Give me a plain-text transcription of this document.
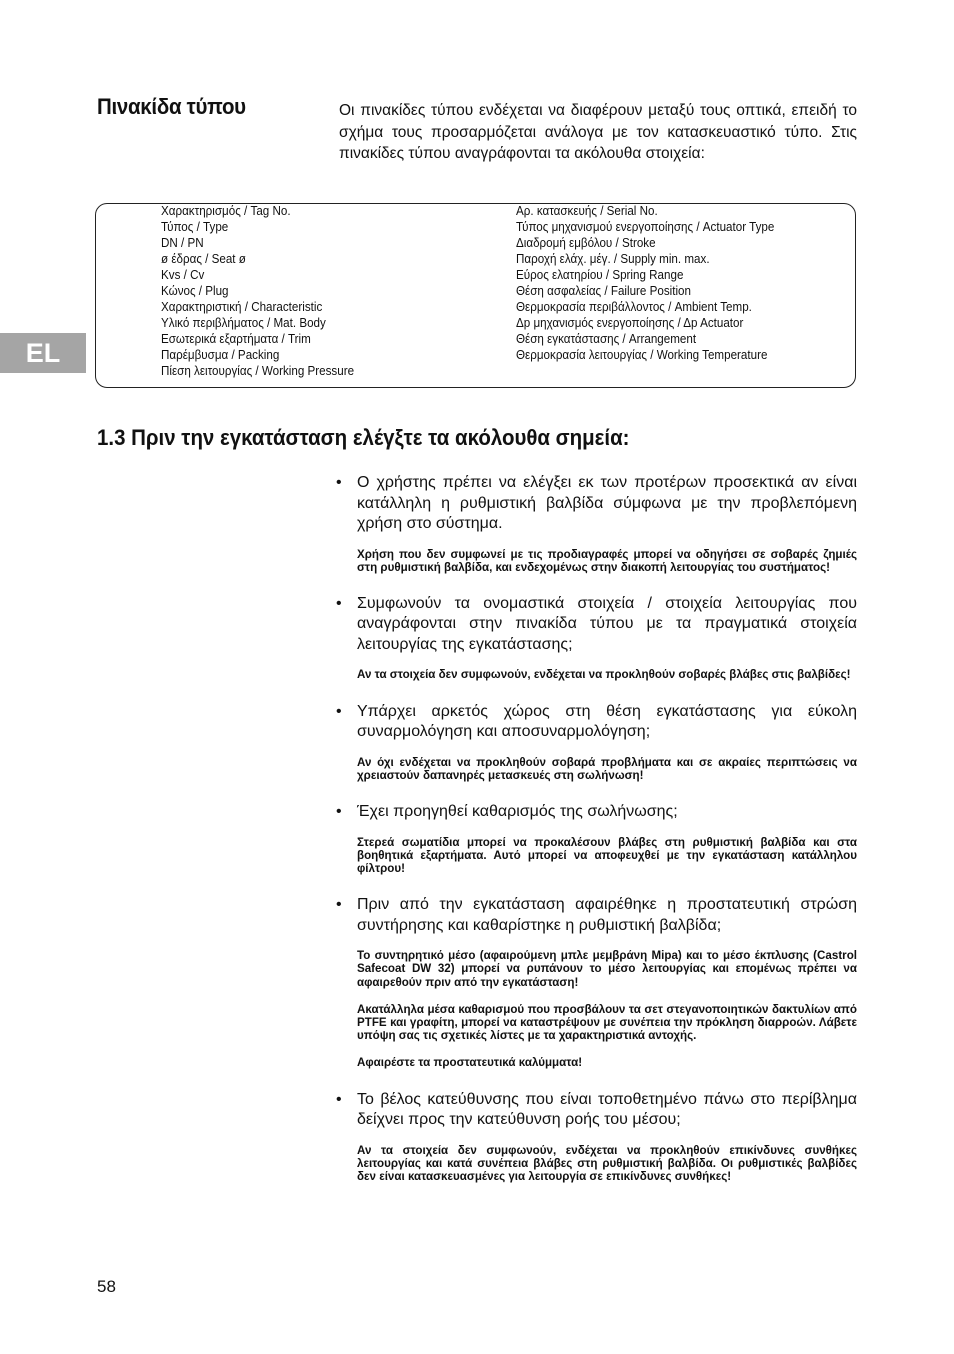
Πινακίδα τύπου	Οι πινακίδες τύπου ενδέχεται να διαφέρουν μεταξύ τους οπτικά, επειδή το σχήμα τους προσαρμόζεται ανάλογα με τον κατασκευαστικό τύπο. Στις πινακίδες τύπου αναγράφονται τα ακόλουθα στοιχεία:
Χαρακτηρισμός / Tag No.
Τύπος / Type
DN / PN
ø έδρας / Seat ø
Kvs / Cv
Κώνος / Plug
Χαρακτηριστική / Characteristic
Υλικό περιβλήματος / Mat. Body
Εσωτερικά εξαρτήματα / Trim
Παρέμβυσμα / Packing
Πίεση λειτουργίας / Working Pressure
Αρ. κατασκευής / Serial No.
Τύπος μηχανισμού ενεργοποίησης / Actuator Type
Διαδρομή εμβόλου / Stroke
Παροχή ελάχ. μέγ. / Supply min. max.
Εύρος ελατηρίου / Spring Range
Θέση ασφαλείας / Failure Position
Θερμοκρασία περιβάλλοντος / Ambient Temp.
Δp μηχανισμός ενεργοποίησης / Δp Actuator
Θέση εγκατάστασης / Arrangement
Θερμοκρασία λειτουργίας / Working Temperature
EL
1.3 Πριν την εγκατάσταση ελέγξτε τα ακόλουθα σημεία:
• Ο χρήστης πρέπει να ελέγξει εκ των προτέρων προσεκτικά αν είναι κατάλληλη η ρυθμιστική βαλβίδα σύμφωνα με την προβλεπόμενη χρήση στο σύστημα.
Χρήση που δεν συμφωνεί με τις προδιαγραφές μπορεί να οδηγήσει σε σοβαρές ζημιές στη ρυθμιστική βαλβίδα, και ενδεχομένως στην διακοπή λειτουργίας του συστήματος!
• Συμφωνούν τα ονομαστικά στοιχεία / στοιχεία λειτουργίας που αναγράφονται στην πινακίδα τύπου με τα πραγματικά στοιχεία λειτουργίας της εγκατάστασης;
Αν τα στοιχεία δεν συμφωνούν, ενδέχεται να προκληθούν σοβαρές βλάβες στις βαλβίδες!
• Υπάρχει αρκετός χώρος στη θέση εγκατάστασης για εύκολη συναρμολόγηση και αποσυναρμολόγηση;
Αν όχι ενδέχεται να προκληθούν σοβαρά προβλήματα και σε ακραίες περιπτώσεις να χρειαστούν δαπανηρές μετασκευές στη σωλήνωση!
• Έχει προηγηθεί καθαρισμός της σωλήνωσης;
Στερεά σωματίδια μπορεί να προκαλέσουν βλάβες στη ρυθμιστική βαλβίδα και στα βοηθητικά εξαρτήματα. Αυτό μπορεί να αποφευχθεί με την εγκατάσταση κατάλληλου φίλτρου!
• Πριν από την εγκατάσταση αφαιρέθηκε η προστατευτική στρώση συντήρησης και καθαρίστηκε η ρυθμιστική βαλβίδα;
Το συντηρητικό μέσο (αφαιρούμενη μπλε μεμβράνη Mipa) και το μέσο έκπλυσης (Castrol Safecoat DW 32) μπορεί να ρυπάνουν το μέσο λειτουργίας και επομένως πρέπει να αφαιρεθούν πριν από την εγκατάσταση!
Ακατάλληλα μέσα καθαρισμού που προσβάλουν τα σετ στεγανοποιητικών δακτυλίων από PTFE και γραφίτη, μπορεί να καταστρέψουν με συνέπεια την πρόκληση διαρροών. Λάβετε υπόψη σας τις σχετικές λίστες με τα χαρακτηριστικά αντοχής.
Αφαιρέστε τα προστατευτικά καλύμματα!
• Το βέλος κατεύθυνσης που είναι τοποθετημένο πάνω στο περίβλημα δείχνει προς την κατεύθυνση ροής του μέσου;
Αν τα στοιχεία δεν συμφωνούν, ενδέχεται να προκληθούν επικίνδυνες συνθήκες λειτουργίας και κατά συνέπεια βλάβες στη ρυθμιστική βαλβίδα. Οι ρυθμιστικές βαλβίδες δεν είναι κατασκευασμένες για λειτουργία σε επικίνδυνες συνθήκες!
58
